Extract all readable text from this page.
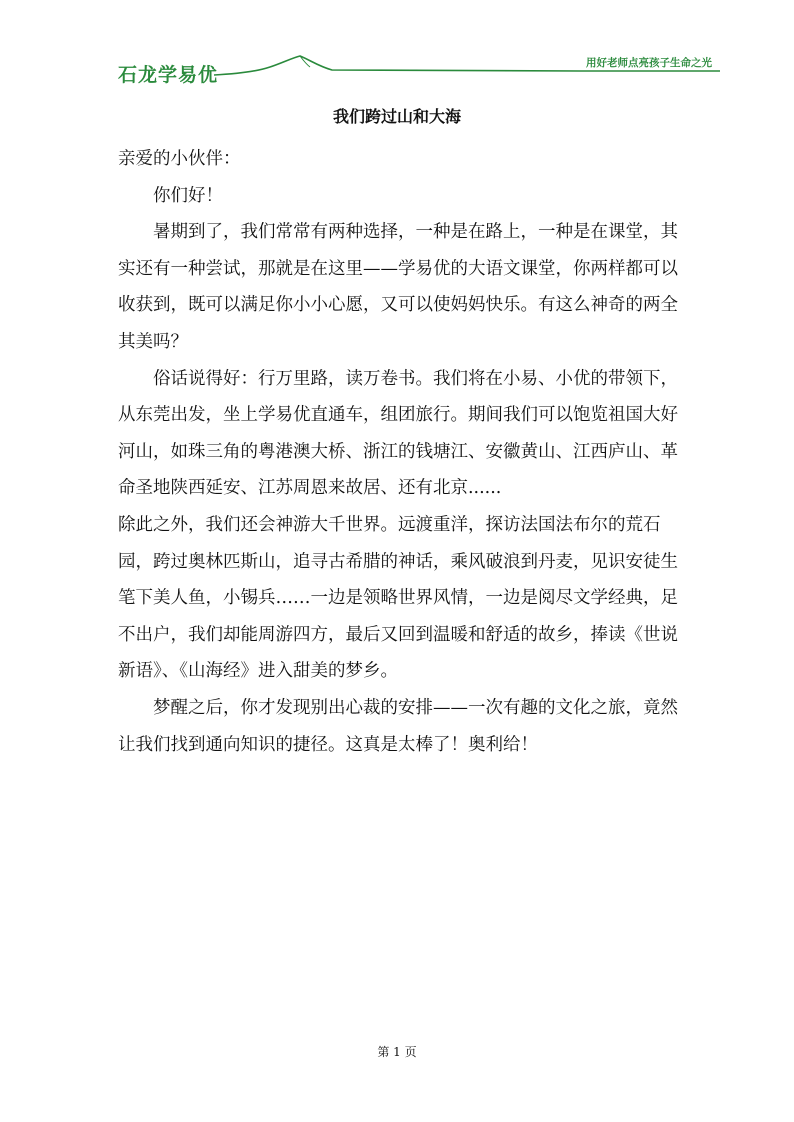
石龙学易优
用好老师点亮孩子生命之光
我们跨过山和大海

亲爱的小伙伴：

你们好！

暑期到了，我们常常有两种选择，一种是在路上，一种是在课堂，其实还有一种尝试，那就是在这里——学易优的大语文课堂，你两样都可以收获到，既可以满足你小小心愿，又可以使妈妈快乐。有这么神奇的两全其美吗？

俗话说得好：行万里路，读万卷书。我们将在小易、小优的带领下，从东莞出发，坐上学易优直通车，组团旅行。期间我们可以饱览祖国大好河山，如珠三角的粤港澳大桥、浙江的钱塘江、安徽黄山、江西庐山、革命圣地陕西延安、江苏周恩来故居、还有北京......

除此之外，我们还会神游大千世界。远渡重洋，探访法国法布尔的荒石园，跨过奥林匹斯山，追寻古希腊的神话，乘风破浪到丹麦，见识安徒生笔下美人鱼，小锡兵……一边是领略世界风情，一边是阅尽文学经典，足不出户，我们却能周游四方，最后又回到温暖和舒适的故乡，捧读《世说新语》、《山海经》进入甜美的梦乡。

梦醒之后，你才发现别出心裁的安排——一次有趣的文化之旅，竟然让我们找到通向知识的捷径。这真是太棒了！奥利给！

第 1 页
